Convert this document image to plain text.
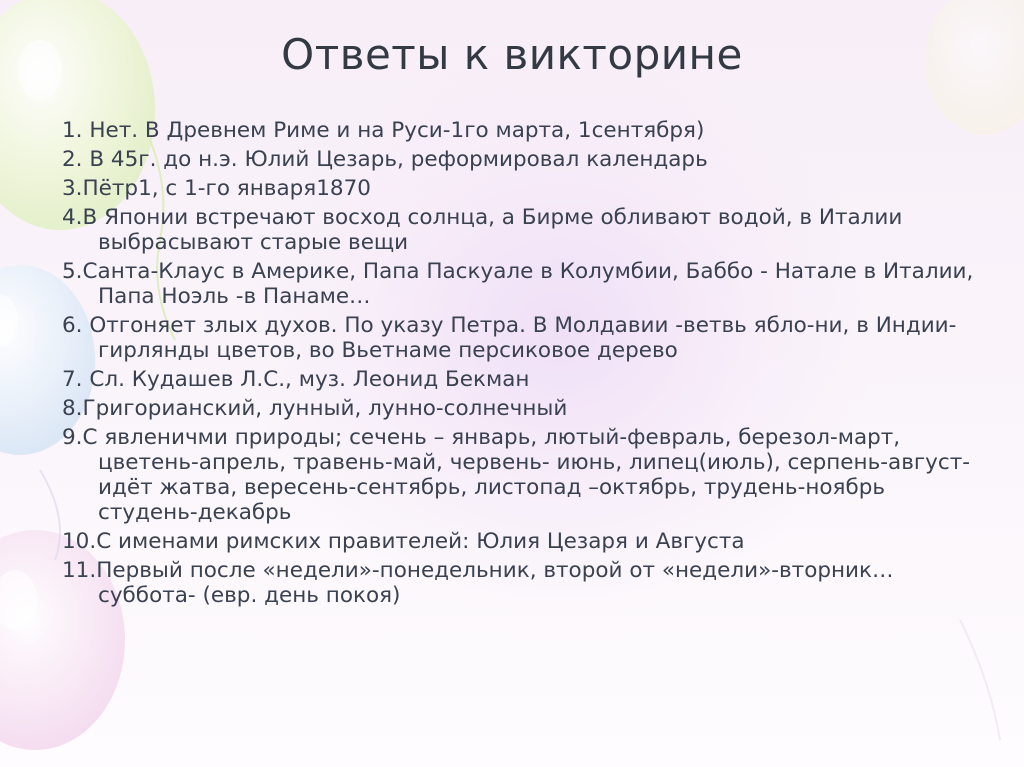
Ответы к викторине
1. Нет. В Древнем Риме и на Руси-1го марта, 1сентября)
2. В 45г. до н.э. Юлий Цезарь, реформировал календарь
3.Пётр1, с 1-го января1870
4.В Японии встречают восход солнца, а Бирме обливают водой, в Италии выбрасывают старые вещи
5.Санта-Клаус в Америке, Папа Паскуале в Колумбии, Баббо - Натале в Италии, Папа Ноэль -в Панаме…
6. Отгоняет злых духов. По указу Петра. В Молдавии -ветвь ябло-ни, в Индии- гирлянды цветов, во Вьетнаме персиковое дерево
7. Сл. Кудашев Л.С., муз. Леонид Бекман
8.Григорианский, лунный, лунно-солнечный
9.С явленичми природы; сечень – январь, лютый-февраль, березол-март, цветень-апрель, травень-май, червень- июнь, липец(июль), серпень-август- идёт жатва, вересень-сентябрь, листопад –октябрь, трудень-ноябрь студень-декабрь
10.С именами римских правителей: Юлия Цезаря и Августа
11.Первый после «недели»-понедельник, второй от «недели»-вторник… суббота- (евр. день покоя)
